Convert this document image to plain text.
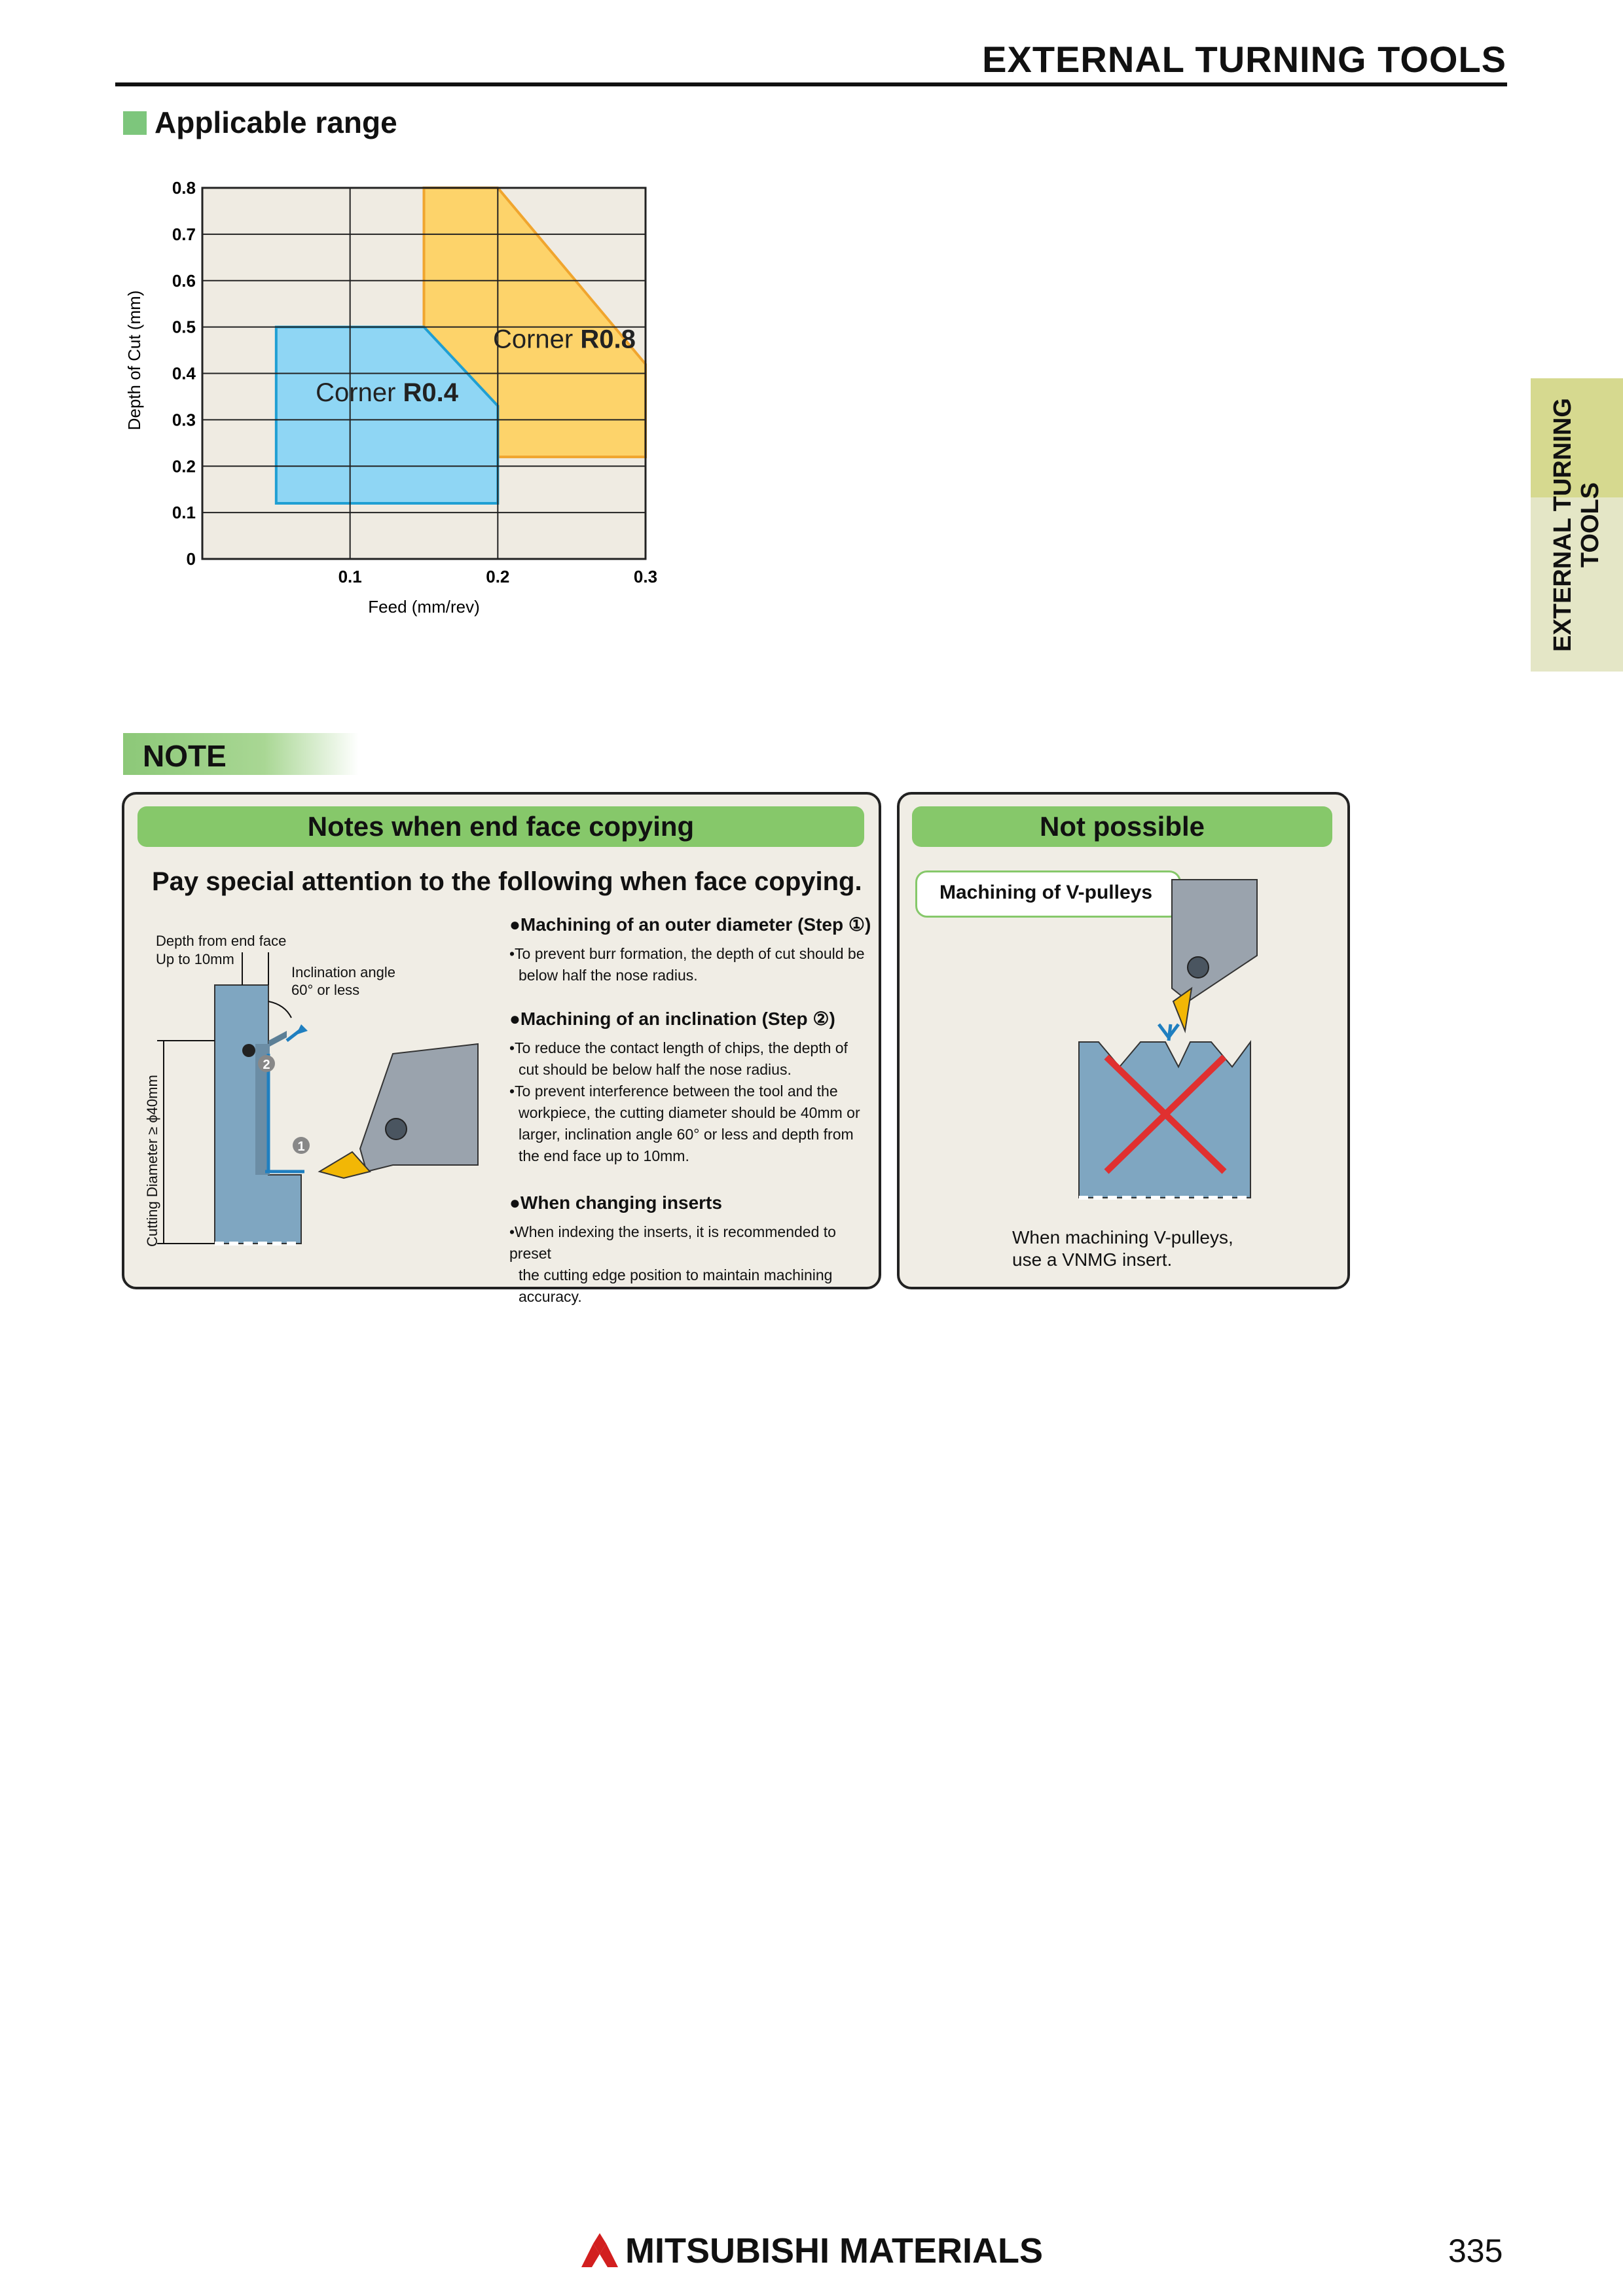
EXTERNAL TURNING TOOLS
Applicable range
EXTERNAL TURNING TOOLS
0
0.1
0.2
0.3
0.4
0.5
0.6
0.7
0.8
0.1	0.2	0.3
Corner R0.8
Corner R0.4
Feed (mm/rev)
Depth of Cut (mm)
NOTE
Notes when end face copying
Pay special attention to the following when face copying.
2
1
Depth from end face
Up to 10mm
Inclination angle
60° or less
Cutting Diameter ≥ ϕ40mm
●Machining of an outer diameter (Step ①)
•To prevent burr formation, the depth of cut should be
below half the nose radius.
●Machining of an inclination (Step ②)
•To reduce the contact length of chips, the depth of
cut should be below half the nose radius.
•To prevent interference between the tool and the
workpiece, the cutting diameter should be 40mm or
larger, inclination angle 60° or less and depth from
the end face up to 10mm.
●When changing inserts
•When indexing the inserts, it is recommended to preset
the cutting edge position to maintain machining accuracy.
Not possible
Machining of V-pulleys
When machining V-pulleys,
use a VNMG insert.
MITSUBISHI MATERIALS	335
